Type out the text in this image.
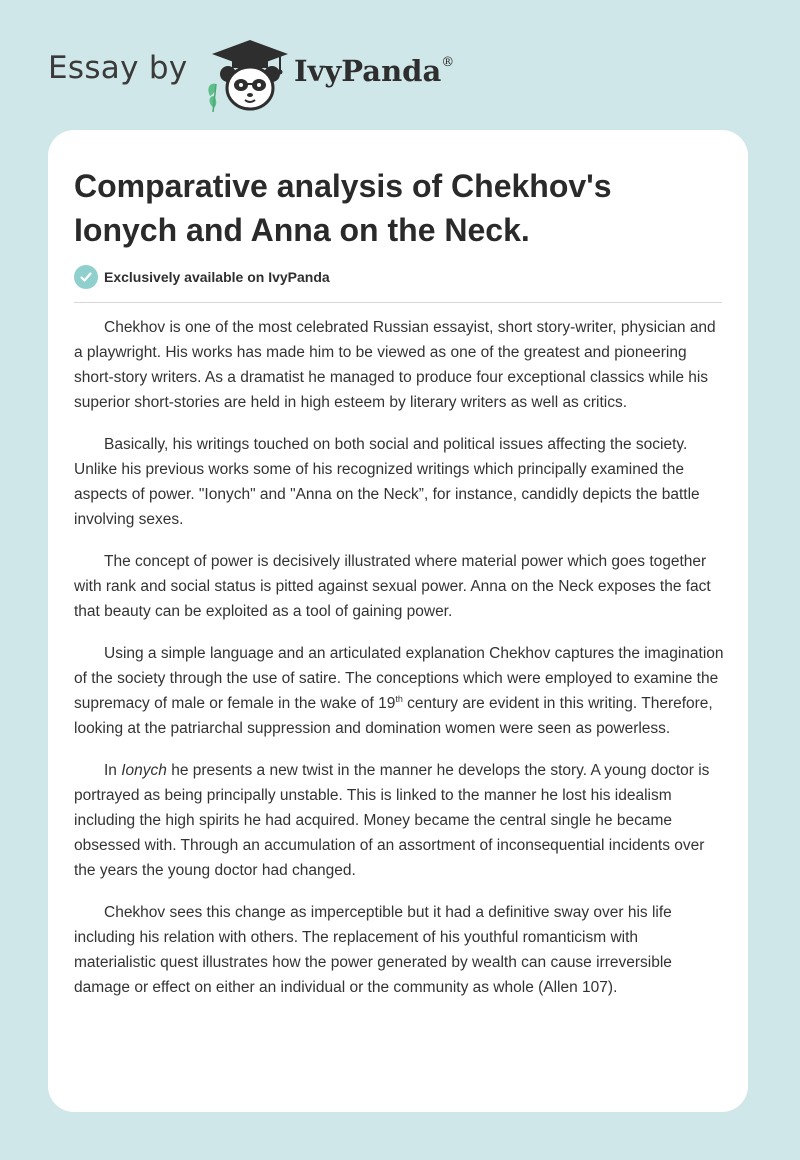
Essay by	IvyPanda®
Comparative analysis of Chekhov's Ionych and Anna on the Neck.
Exclusively available on IvyPanda

Chekhov is one of the most celebrated Russian essayist, short story-writer, physician and a playwright. His works has made him to be viewed as one of the greatest and pioneering short-story writers. As a dramatist he managed to produce four exceptional classics while his superior short-stories are held in high esteem by literary writers as well as critics.

Basically, his writings touched on both social and political issues affecting the society. Unlike his previous works some of his recognized writings which principally examined the aspects of power. "Ionych" and "Anna on the Neck”, for instance, candidly depicts the battle involving sexes.

The concept of power is decisively illustrated where material power which goes together with rank and social status is pitted against sexual power. Anna on the Neck exposes the fact that beauty can be exploited as a tool of gaining power.

Using a simple language and an articulated explanation Chekhov captures the imagination of the society through the use of satire. The conceptions which were employed to examine the supremacy of male or female in the wake of 19th century are evident in this writing. Therefore, looking at the patriarchal suppression and domination women were seen as powerless.

In Ionych he presents a new twist in the manner he develops the story. A young doctor is portrayed as being principally unstable. This is linked to the manner he lost his idealism including the high spirits he had acquired. Money became the central single he became obsessed with. Through an accumulation of an assortment of inconsequential incidents over the years the young doctor had changed.

Chekhov sees this change as imperceptible but it had a definitive sway over his life including his relation with others. The replacement of his youthful romanticism with materialistic quest illustrates how the power generated by wealth can cause irreversible damage or effect on either an individual or the community as whole (Allen 107).
